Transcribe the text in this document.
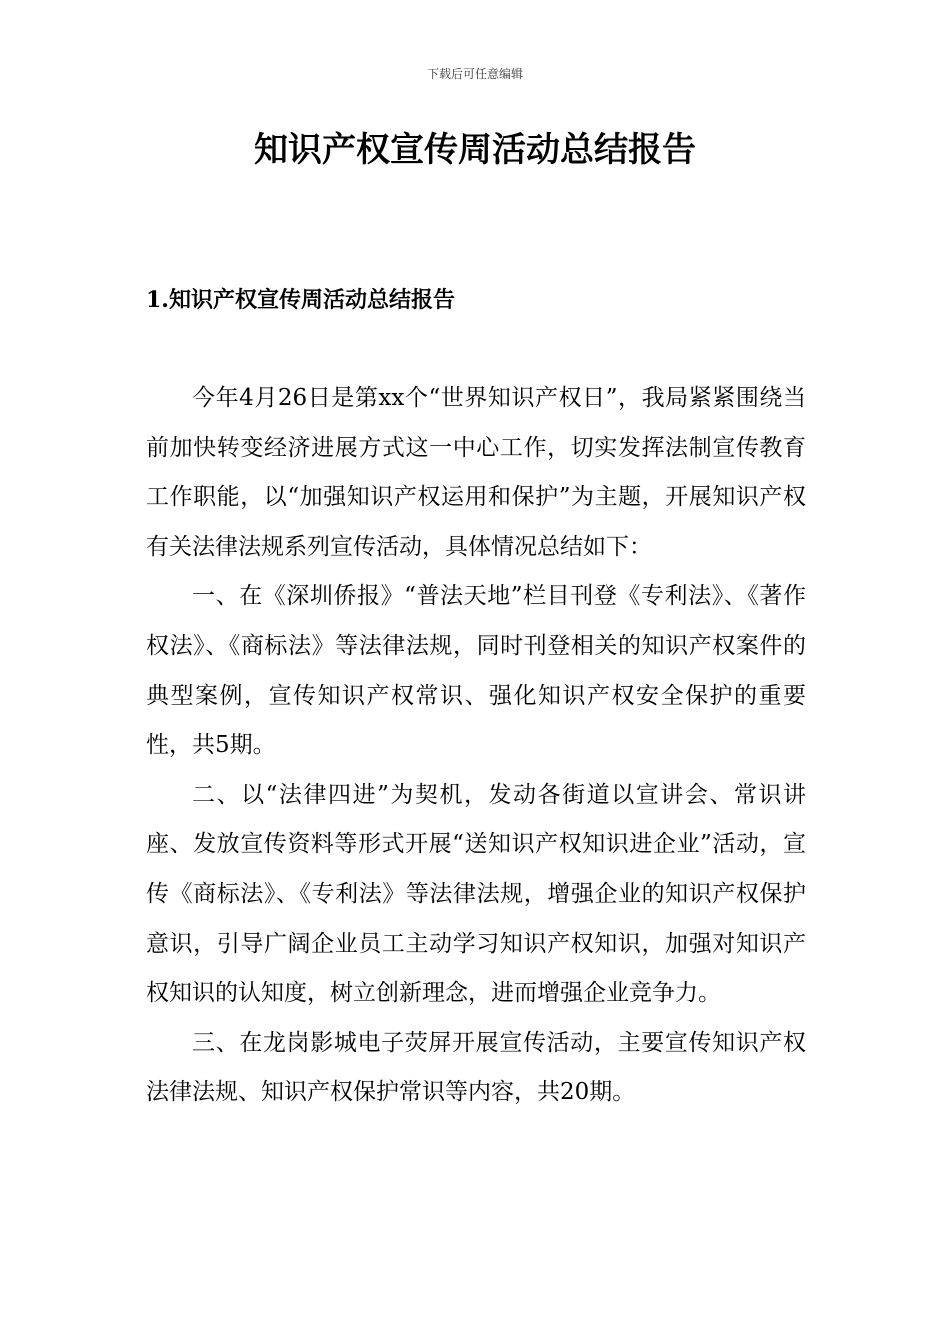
下载后可任意编辑
知识产权宣传周活动总结报告
1.知识产权宣传周活动总结报告

今年4月26日是第xx个“世界知识产权日”，我局紧紧围绕当前加快转变经济进展方式这一中心工作，切实发挥法制宣传教育工作职能，以“加强知识产权运用和保护”为主题，开展知识产权有关法律法规系列宣传活动，具体情况总结如下：

一、在《深圳侨报》“普法天地”栏目刊登《专利法》、《著作权法》、《商标法》等法律法规，同时刊登相关的知识产权案件的典型案例，宣传知识产权常识、强化知识产权安全保护的重要性，共5期。

二、以“法律四进”为契机，发动各街道以宣讲会、常识讲座、发放宣传资料等形式开展“送知识产权知识进企业”活动，宣传《商标法》、《专利法》等法律法规，增强企业的知识产权保护意识，引导广阔企业员工主动学习知识产权知识，加强对知识产权知识的认知度，树立创新理念，进而增强企业竞争力。

三、在龙岗影城电子荧屏开展宣传活动，主要宣传知识产权法律法规、知识产权保护常识等内容，共20期。
